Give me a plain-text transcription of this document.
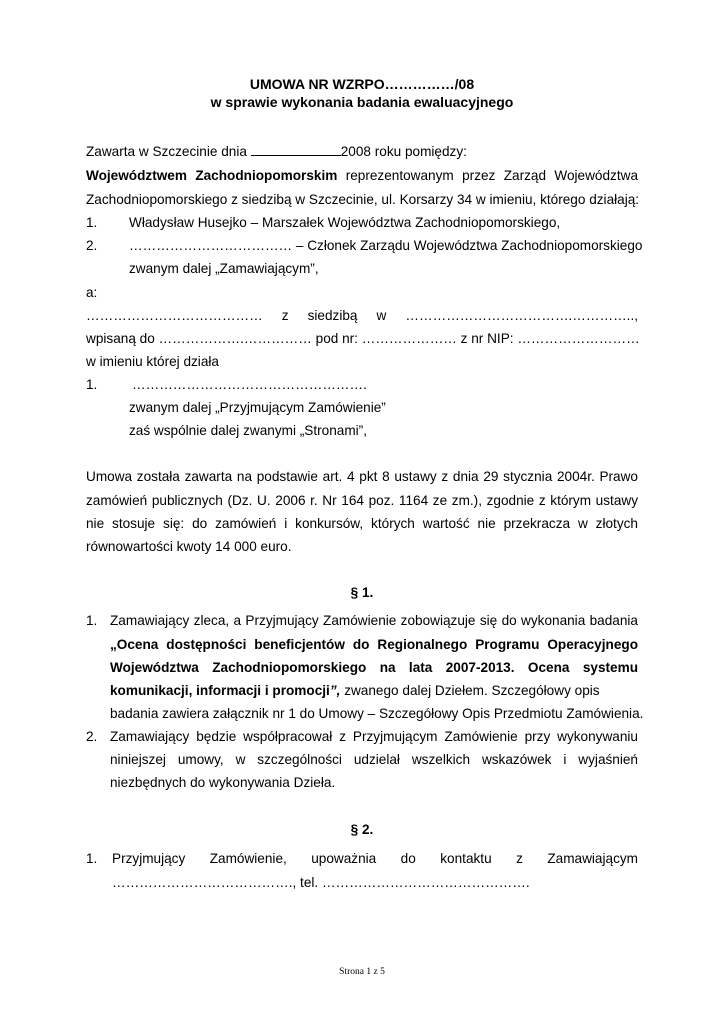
UMOWA NR WZRPO……………/08
w sprawie wykonania badania ewaluacyjnego
Zawarta w Szczecinie dnia	2008 roku pomiędzy:
Województwem Zachodniopomorskim reprezentowanym przez Zarząd Województwa
Zachodniopomorskiego z siedzibą w Szczecinie, ul. Korsarzy 34 w imieniu, którego działają:
1. Władysław Husejko – Marszałek Województwa Zachodniopomorskiego,
2. ……………………………… – Członek Zarządu Województwa Zachodniopomorskiego
zwanym dalej „Zamawiającym”,
a:
………………………………… z siedzibą w ……………………………….…………..,
wpisaną do ……………….…………… pod nr: ………………… z nr NIP: ………………………
w imieniu której działa
1.	…………………………………………….
zwanym dalej „Przyjmującym Zamówienie”
zaś wspólnie dalej zwanymi „Stronami”,
Umowa została zawarta na podstawie art. 4 pkt 8 ustawy z dnia 29 stycznia 2004r. Prawo
zamówień publicznych (Dz. U. 2006 r. Nr 164 poz. 1164 ze zm.), zgodnie z którym ustawy
nie stosuje się: do zamówień i konkursów, których wartość nie przekracza w złotych
równowartości kwoty 14 000 euro.
§ 1.
1. Zamawiający zleca, a Przyjmujący Zamówienie zobowiązuje się do wykonania badania
„Ocena dostępności beneficjentów do Regionalnego Programu Operacyjnego
Województwa Zachodniopomorskiego na lata 2007-2013. Ocena systemu
komunikacji, informacji i promocji”, zwanego dalej Dziełem. Szczegółowy opis
badania zawiera załącznik nr 1 do Umowy – Szczegółowy Opis Przedmiotu Zamówienia.
2. Zamawiający będzie współpracował z Przyjmującym Zamówienie przy wykonywaniu
niniejszej umowy, w szczególności udzielał wszelkich wskazówek i wyjaśnień
niezbędnych do wykonywania Dzieła.
§ 2.
1. Przyjmujący Zamówienie, upoważnia do kontaktu z Zamawiającym
…………………………………., tel. ……………………………………….
Strona 1 z 5
